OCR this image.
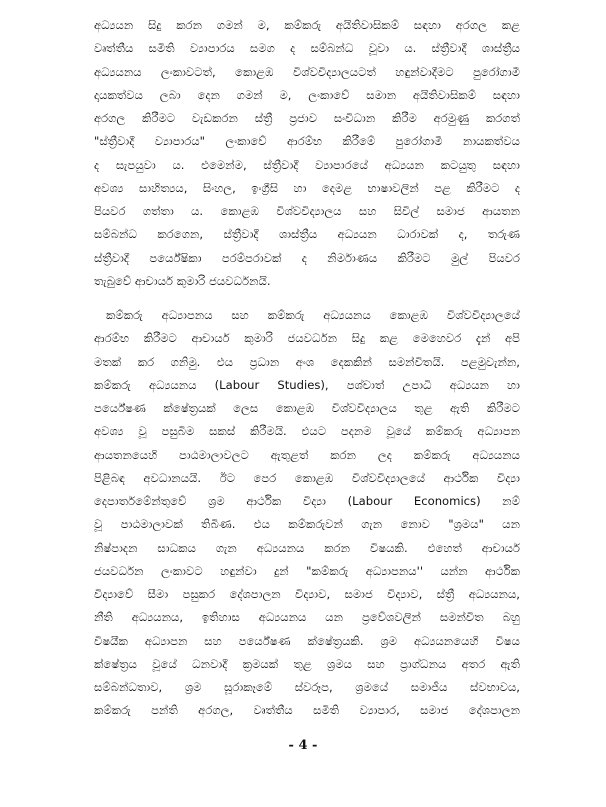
අධ්‍යයන සිදු කරන ගමන් ම, කම්කරු අයිතිවාසිකම් සඳහා අරගල කළ
වෘත්තීය සමිති ව්‍යාපාරය සමග ද සම්බන්ධ වූවා ය. ස්ත්‍රීවාදී ශාස්ත්‍රීය
අධ්‍යයනය ලංකාවටත්, කොළඹ විශ්වවිද්‍යාලයටත් හඳුන්වාදීමට පුරෝගාමී
දායකත්වය ලබා දෙන ගමන් ම, ලංකාවේ සමාන අයිතිවාසිකම් සඳහා
අරගල කිරීමට වැඩකරන ස්ත්‍රී ප්‍රජාව සංවිධාන කිරීම අරමුණු කරගත්
"ස්ත්‍රීවාදී ව්‍යාපාරය" ලංකාවේ ආරම්භ කිරීමේ පුරෝගාමී නායකත්වය
ද සැපයුවා ය. එමෙන්ම, ස්ත්‍රීවාදී ව්‍යාපාරයේ අධ්‍යයන කටයුතු සඳහා
අවශ්‍ය සාහිත්‍යය, සිංහල, ඉංග්‍රීසි හා දෙමළ භාෂාවලින් පළ කිරීමට ද
පියවර ගත්තා ය. කොළඹ විශ්වවිද්‍යාලය සහ සිවිල් සමාජ ආයතන
සම්බන්ධ කරගෙන, ස්ත්‍රීවාදී ශාස්ත්‍රීය අධ්‍යයන ධාරාවක් ද, තරුණ
ස්ත්‍රීවාදී පර්යේෂිකා පරම්පරාවක් ද නිර්මාණය කිරීමට මුල් පියවර
තැබුවේ ආචාර්ය කුමාරි ජයවර්ධනයි.
කම්කරු අධ්‍යාපනය සහ කම්කරු අධ්‍යයනය කොළඹ විශ්වවිද්‍යාලයේ
ආරම්භ කිරීමට ආචාර්ය කුමාරි ජයවර්ධන සිදු කළ මෙහෙවර දැන් අපි
මතක් කර ගනිමු. එය ප්‍රධාන අංශ දෙකකින් සමන්විතයි. පළමුවැන්න,
කම්කරු අධ්‍යයනය (Labour Studies), පශ්චාත් උපාධි අධ්‍යයන හා
පර්යේෂණ ක්ෂේත්‍රයක් ලෙස කොළඹ විශ්වවිද්‍යාලය තුළ ඇති කිරීමට
අවශ්‍ය වූ පසුබිම සකස් කිරීමයි. එයට පදනම වූයේ කම්කරු අධ්‍යාපන
ආයතනයෙහි පාඨමාලාවලට ඇතුළත් කරන ලද කම්කරු අධ්‍යයනය
පිළිබඳ අවධානයයි. ඊට පෙර කොළඹ විශ්වවිද්‍යාලයේ ආර්ථික විද්‍යා
දෙපාර්තමේන්තුවේ ශ්‍රම ආර්ථික විද්‍යා (Labour Economics) නම්
වූ පාඨමාලාවක් තිබිණ. එය කම්කරුවන් ගැන නොව "ශ්‍රමය" යන
නිෂ්පාදන සාධකය ගැන අධ්‍යයනය කරන විෂයකි. එහෙත් ආචාර්ය
ජයවර්ධන ලංකාවට හඳුන්වා දුන් "කම්කරු අධ්‍යාපනය'' යන්න ආර්ථික
විද්‍යාවේ සීමා පසුකර දේශපාලන විද්‍යාව, සමාජ විද්‍යාව, ස්ත්‍රී අධ්‍යයනය,
නීති අධ්‍යයනය, ඉතිහාස අධ්‍යයනය යන ප්‍රවේශවලින් සමන්විත බහු
විෂයීක අධ්‍යාපන සහ පර්යේෂණ ක්ෂේත්‍රයකි. ශ්‍රම අධ්‍යයනයෙහි විෂය
ක්ෂේත්‍රය වූයේ ධනවාදී ක්‍රමයක් තුළ ශ්‍රමය සහ ප්‍රාග්ධනය අතර ඇති
සම්බන්ධතාව, ශ්‍රම සූරාකෑමේ ස්වරූප, ශ්‍රමයේ සමාජීය ස්වභාවය,
කම්කරු පන්ති අරගල, වෘත්තීය සමිති ව්‍යාපාර, සමාජ දේශපාලන
- 4 -
